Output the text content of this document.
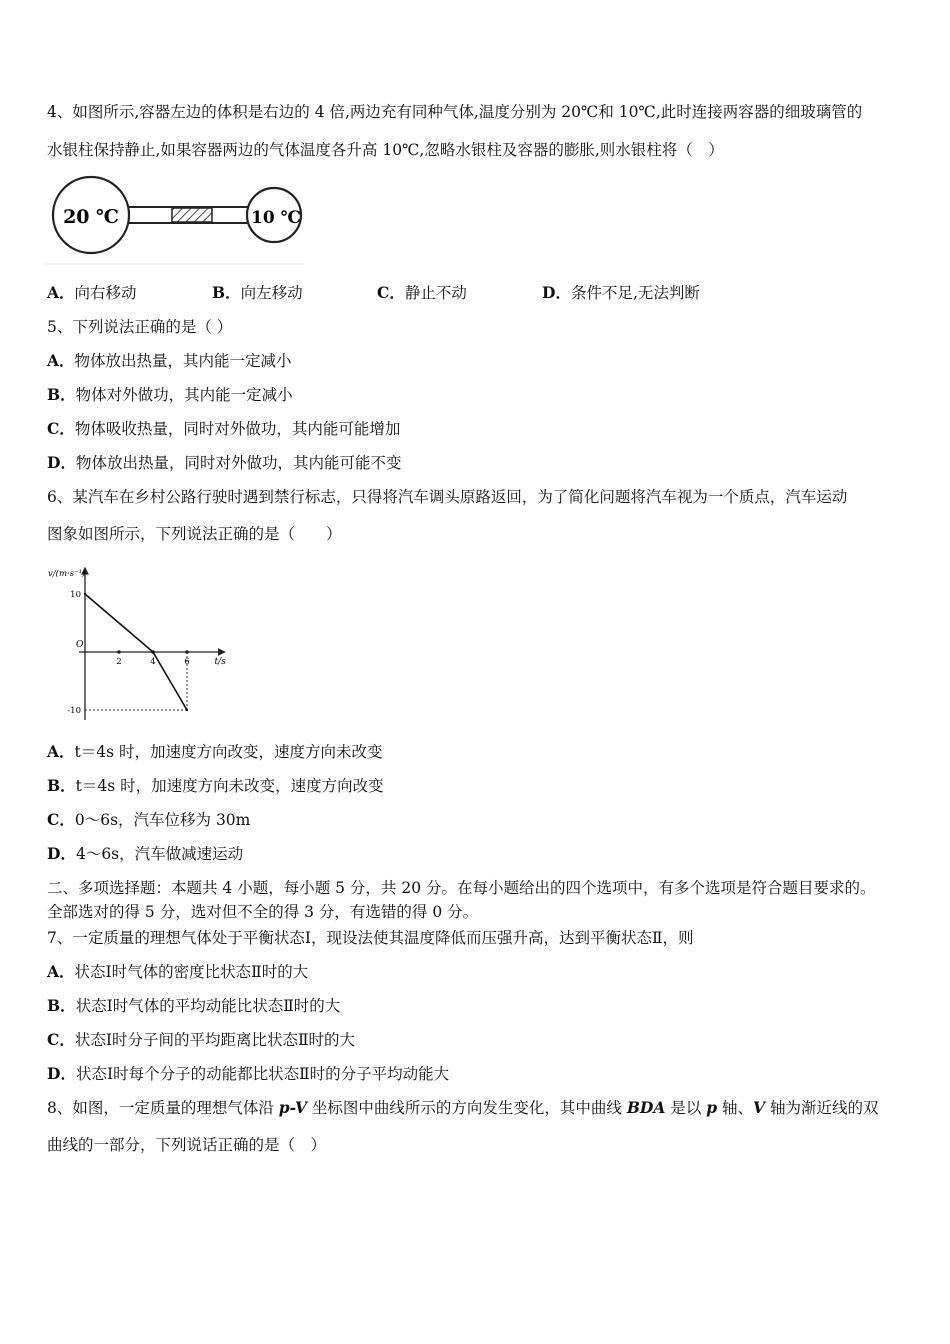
4、如图所示,容器左边的体积是右边的 4 倍,两边充有同种气体,温度分别为 20℃和 10℃,此时连接两容器的细玻璃管的
水银柱保持静止,如果容器两边的气体温度各升高 10℃,忽略水银柱及容器的膨胀,则水银柱将（　）
20 ℃	10 ℃
A．向右移动	B．向左移动	C．静止不动	D．条件不足,无法判断
5、下列说法正确的是（ ）
A．物体放出热量，其内能一定减小
B．物体对外做功，其内能一定减小
C．物体吸收热量，同时对外做功，其内能可能增加
D．物体放出热量，同时对外做功，其内能可能不变
6、某汽车在乡村公路行驶时遇到禁行标志，只得将汽车调头原路返回，为了简化问题将汽车视为一个质点，汽车运动
图象如图所示，下列说法正确的是（　　）
v/(m·s⁻¹)
t/s
O
2	4	6
10
-10
A．t＝4s 时，加速度方向改变，速度方向未改变
B．t＝4s 时，加速度方向未改变，速度方向改变
C．0～6s，汽车位移为 30m
D．4～6s，汽车做减速运动
二、多项选择题：本题共 4 小题，每小题 5 分，共 20 分。在每小题给出的四个选项中，有多个选项是符合题目要求的。
全部选对的得 5 分，选对但不全的得 3 分，有选错的得 0 分。
7、一定质量的理想气体处于平衡状态Ⅰ，现设法使其温度降低而压强升高，达到平衡状态Ⅱ，则
A．状态Ⅰ时气体的密度比状态Ⅱ时的大
B．状态Ⅰ时气体的平均动能比状态Ⅱ时的大
C．状态Ⅰ时分子间的平均距离比状态Ⅱ时的大
D．状态Ⅰ时每个分子的动能都比状态Ⅱ时的分子平均动能大
8、如图，一定质量的理想气体沿 p-V 坐标图中曲线所示的方向发生变化，其中曲线 BDA 是以 p 轴、V 轴为渐近线的双
曲线的一部分，下列说话正确的是（　）
